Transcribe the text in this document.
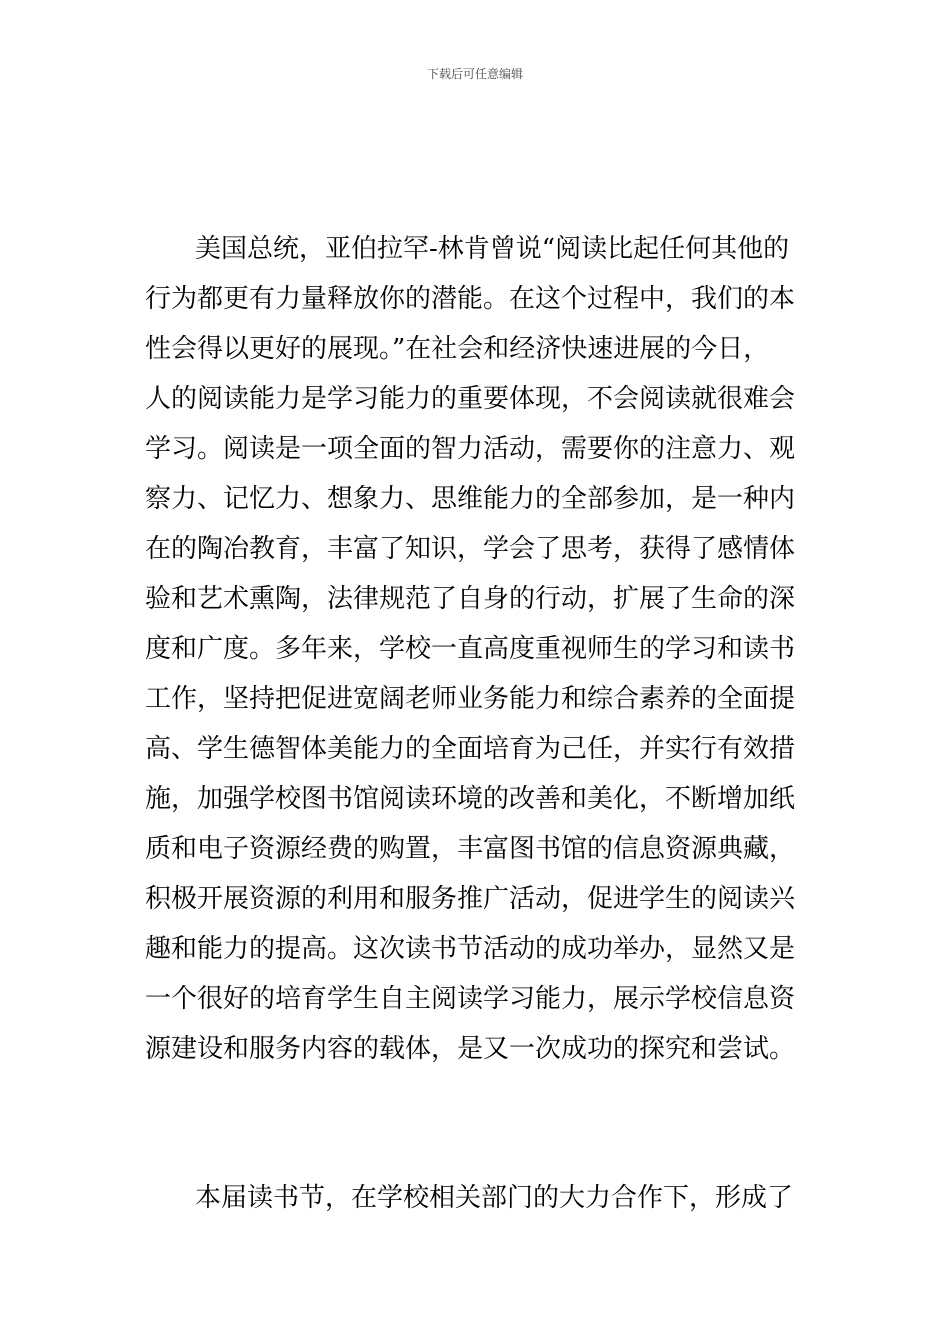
下载后可任意编辑
美国总统，亚伯拉罕-林肯曾说“阅读比起任何其他的
行为都更有力量释放你的潜能。在这个过程中，我们的本
性会得以更好的展现。”在社会和经济快速进展的今日，
人的阅读能力是学习能力的重要体现，不会阅读就很难会
学习。阅读是一项全面的智力活动，需要你的注意力、观
察力、记忆力、想象力、思维能力的全部参加，是一种内
在的陶冶教育，丰富了知识，学会了思考，获得了感情体
验和艺术熏陶，法律规范了自身的行动，扩展了生命的深
度和广度。多年来，学校一直高度重视师生的学习和读书
工作，坚持把促进宽阔老师业务能力和综合素养的全面提
高、学生德智体美能力的全面培育为己任，并实行有效措
施，加强学校图书馆阅读环境的改善和美化，不断增加纸
质和电子资源经费的购置，丰富图书馆的信息资源典藏，
积极开展资源的利用和服务推广活动，促进学生的阅读兴
趣和能力的提高。这次读书节活动的成功举办，显然又是
一个很好的培育学生自主阅读学习能力，展示学校信息资
源建设和服务内容的载体，是又一次成功的探究和尝试。
本届读书节，在学校相关部门的大力合作下，形成了
